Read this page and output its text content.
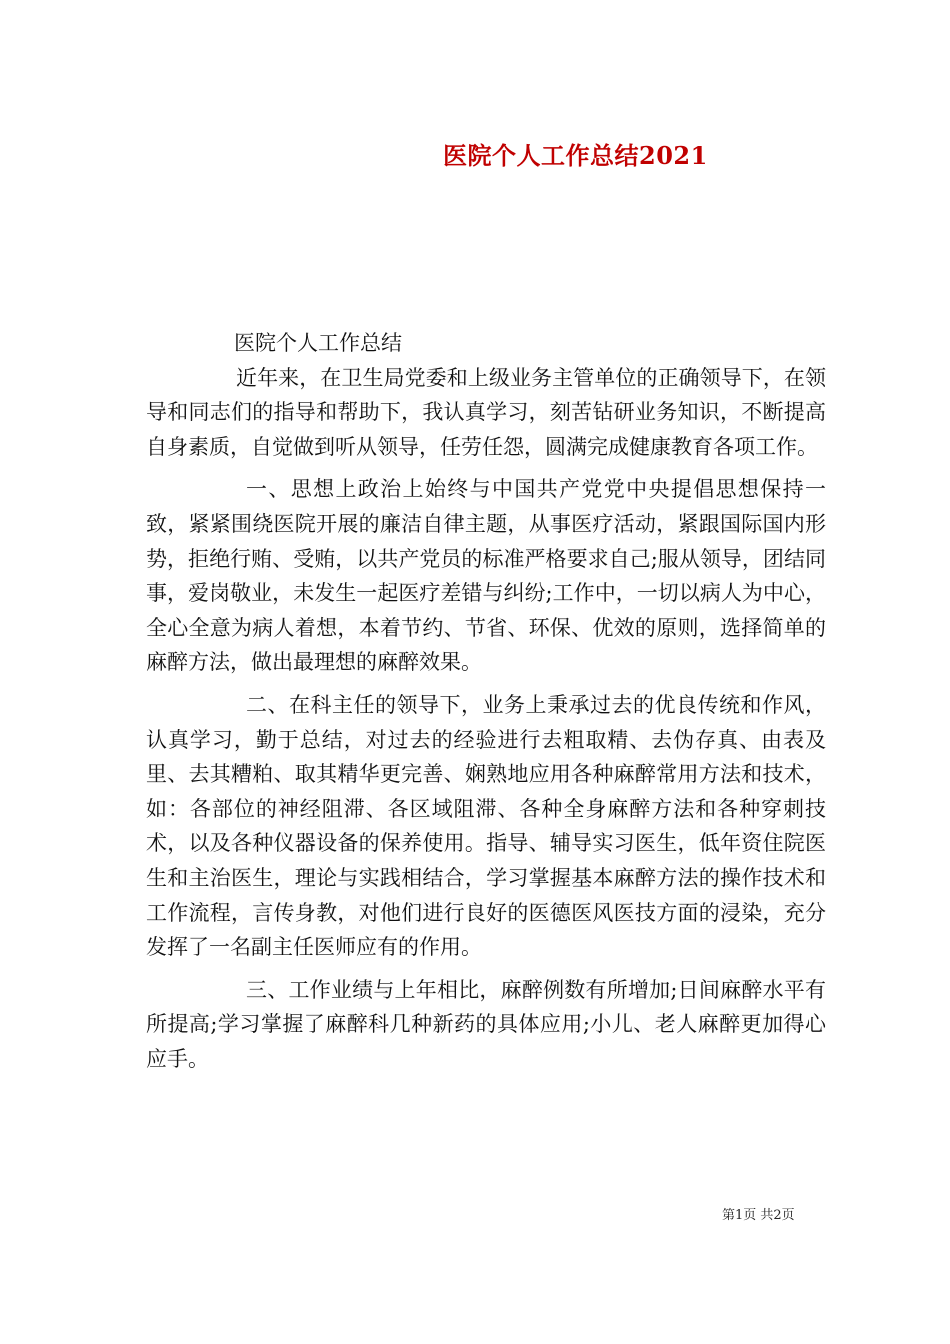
医院个人工作总结2021

医院个人工作总结

近年来，在卫生局党委和上级业务主管单位的正确领导下，在领导和同志们的指导和帮助下，我认真学习，刻苦钻研业务知识，不断提高自身素质，自觉做到听从领导，任劳任怨，圆满完成健康教育各项工作。

一、思想上政治上始终与中国共产党党中央提倡思想保持一致，紧紧围绕医院开展的廉洁自律主题，从事医疗活动，紧跟国际国内形势，拒绝行贿、受贿，以共产党员的标准严格要求自己;服从领导，团结同事，爱岗敬业，未发生一起医疗差错与纠纷;工作中，一切以病人为中心，全心全意为病人着想，本着节约、节省、环保、优效的原则，选择简单的麻醉方法，做出最理想的麻醉效果。

二、在科主任的领导下，业务上秉承过去的优良传统和作风，认真学习，勤于总结，对过去的经验进行去粗取精、去伪存真、由表及里、去其糟粕、取其精华更完善、娴熟地应用各种麻醉常用方法和技术，如：各部位的神经阻滞、各区域阻滞、各种全身麻醉方法和各种穿刺技术，以及各种仪器设备的保养使用。指导、辅导实习医生，低年资住院医生和主治医生，理论与实践相结合，学习掌握基本麻醉方法的操作技术和工作流程，言传身教，对他们进行良好的医德医风医技方面的浸染，充分发挥了一名副主任医师应有的作用。

三、工作业绩与上年相比，麻醉例数有所增加;日间麻醉水平有所提高;学习掌握了麻醉科几种新药的具体应用;小儿、老人麻醉更加得心应手。

第1页 共2页
